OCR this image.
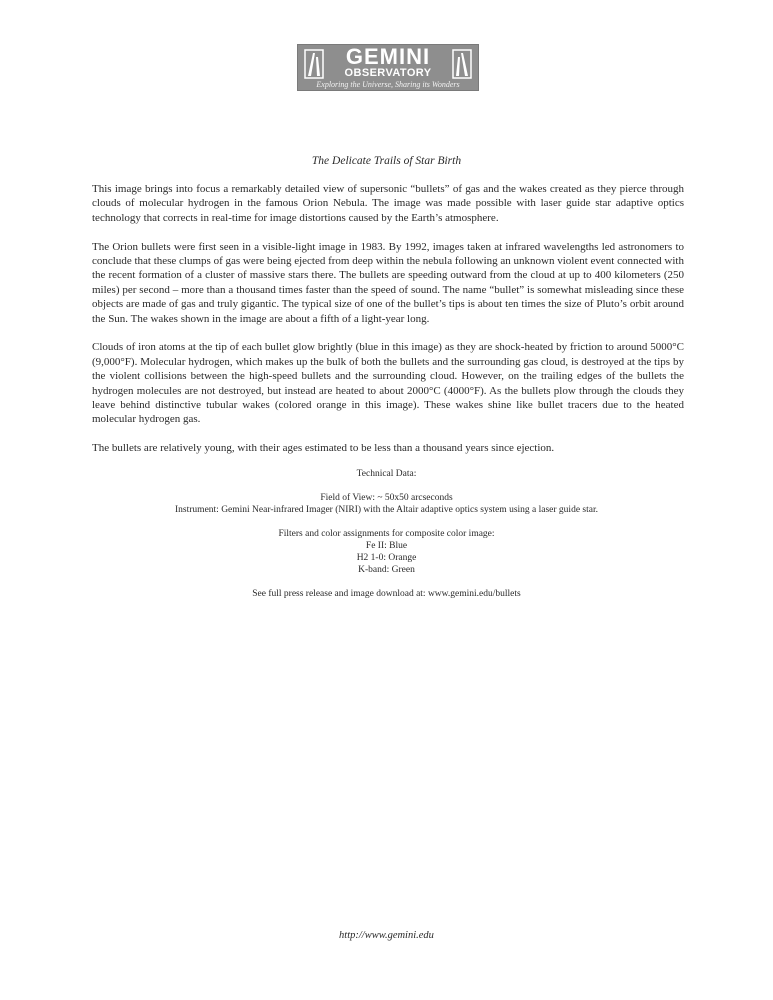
GEMINI
OBSERVATORY
Exploring the Universe, Sharing its Wonders
The Delicate Trails of Star Birth

This image brings into focus a remarkably detailed view of supersonic “bullets” of gas and the wakes created as they pierce through clouds of molecular hydrogen in the famous Orion Nebula. The image was made possible with laser guide star adaptive optics technology that corrects in real-time for image distortions caused by the Earth’s atmosphere.

The Orion bullets were first seen in a visible-light image in 1983. By 1992, images taken at infrared wavelengths led astronomers to conclude that these clumps of gas were being ejected from deep within the nebula following an unknown violent event connected with the recent formation of a cluster of massive stars there. The bullets are speeding outward from the cloud at up to 400 kilometers (250 miles) per second – more than a thousand times faster than the speed of sound. The name “bullet” is somewhat misleading since these objects are made of gas and truly gigantic. The typical size of one of the bullet’s tips is about ten times the size of Pluto’s orbit around the Sun. The wakes shown in the image are about a fifth of a light-year long.

Clouds of iron atoms at the tip of each bullet glow brightly (blue in this image) as they are shock-heated by friction to around 5000°C (9,000°F). Molecular hydrogen, which makes up the bulk of both the bullets and the surrounding gas cloud, is destroyed at the tips by the violent collisions between the high-speed bullets and the surrounding cloud. However, on the trailing edges of the bullets the hydrogen molecules are not destroyed, but instead are heated to about 2000°C (4000°F). As the bullets plow through the clouds they leave behind distinctive tubular wakes (colored orange in this image). These wakes shine like bullet tracers due to the heated molecular hydrogen gas.

The bullets are relatively young, with their ages estimated to be less than a thousand years since ejection.

Technical Data:
Field of View: ~ 50x50 arcseconds
Instrument: Gemini Near-infrared Imager (NIRI) with the Altair adaptive optics system using a laser guide star.
Filters and color assignments for composite color image:
Fe II: Blue
H2 1-0: Orange
K-band: Green
See full press release and image download at: www.gemini.edu/bullets
http://www.gemini.edu
